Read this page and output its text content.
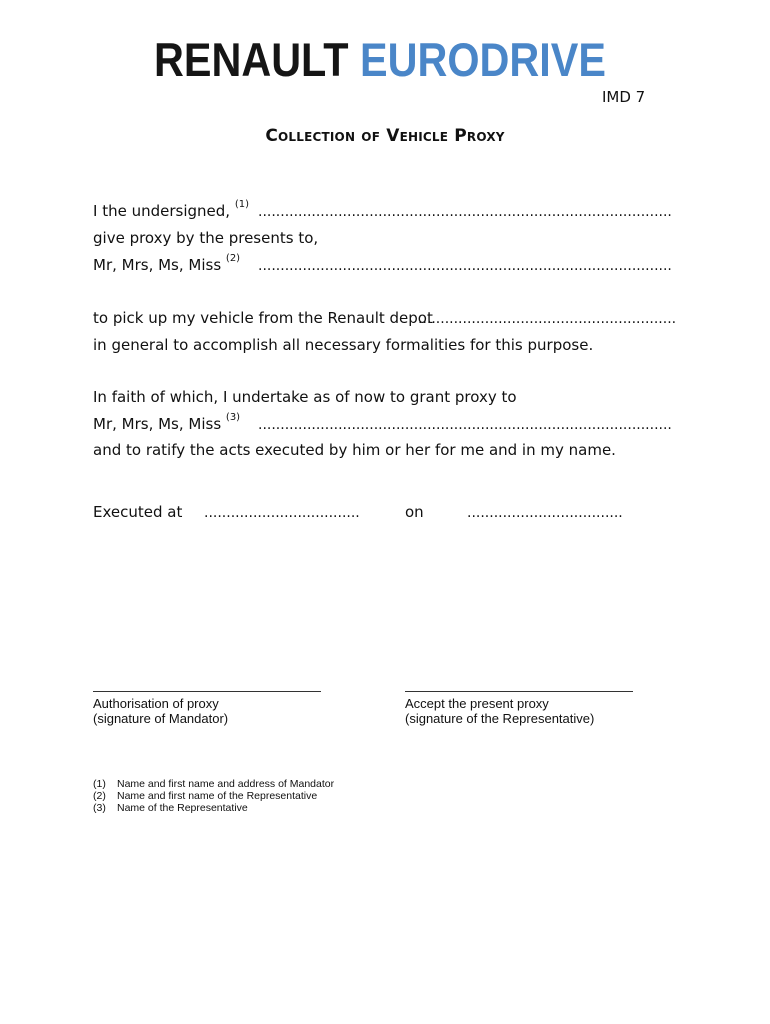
RENAULT EURODRIVE
IMD 7
Collection of Vehicle Proxy
I the undersigned, $^{(1)}$ .............................................................................................
give proxy by the presents to,
Mr, Mrs, Ms, Miss $^{(2)}$ .............................................................................................
to pick up my vehicle from the Renault depot
..........................................................
in general to accomplish all necessary formalities for this purpose.
In faith of which, I undertake as of now to grant proxy to
Mr, Mrs, Ms, Miss $^{(3)}$ .............................................................................................
and to ratify the acts executed by him or her for me and in my name.
Executed at ...................................	on	...................................
Authorisation of proxy
(signature of Mandator)
Accept the present proxy
(signature of the Representative)
(1)	Name and first name and address of Mandator
(2)	Name and first name of the Representative
(3)	Name of the Representative
